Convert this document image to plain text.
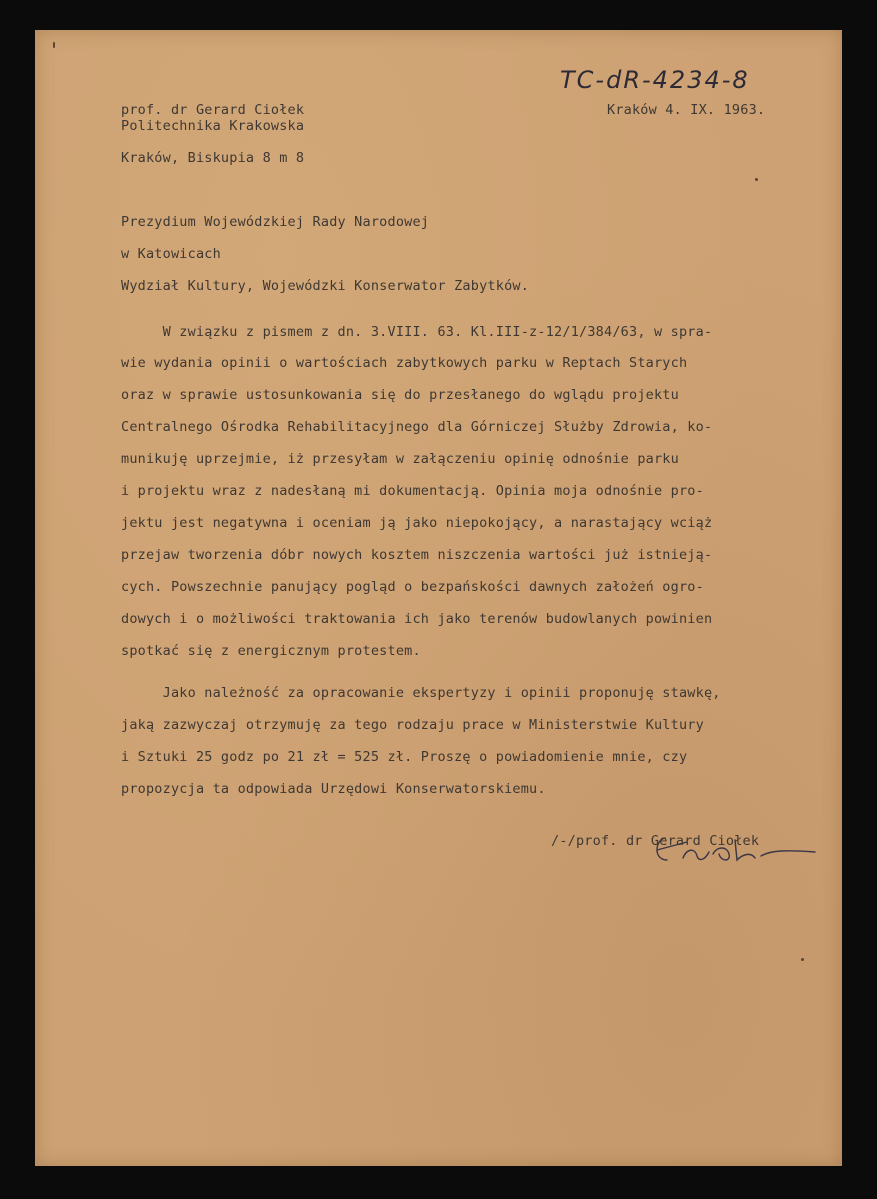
TC-dR-4234-8
prof. dr Gerard Ciołek
Politechnika Krakowska
Kraków, Biskupia 8 m 8
Kraków 4. IX. 1963.
Prezydium Wojewódzkiej Rady Narodowej
w Katowicach
Wydział Kultury, Wojewódzki Konserwator Zabytków.
W związku z pismem z dn. 3.VIII. 63. Kl.III-z-12/1/384/63, w spra-
wie wydania opinii o wartościach zabytkowych parku w Reptach Starych
oraz w sprawie ustosunkowania się do przesłanego do wglądu projektu
Centralnego Ośrodka Rehabilitacyjnego dla Górniczej Służby Zdrowia, ko-
munikuję uprzejmie, iż przesyłam w załączeniu opinię odnośnie parku
i projektu wraz z nadesłaną mi dokumentacją. Opinia moja odnośnie pro-
jektu jest negatywna i oceniam ją jako niepokojący, a narastający wciąż
przejaw tworzenia dóbr nowych kosztem niszczenia wartości już istnieją-
cych. Powszechnie panujący pogląd o bezpańskości dawnych założeń ogro-
dowych i o możliwości traktowania ich jako terenów budowlanych powinien
spotkać się z energicznym protestem.
Jako należność za opracowanie ekspertyzy i opinii proponuję stawkę,
jaką zazwyczaj otrzymuję za tego rodzaju prace w Ministerstwie Kultury
i Sztuki 25 godz po 21 zł = 525 zł. Proszę o powiadomienie mnie, czy
propozycja ta odpowiada Urzędowi Konserwatorskiemu.
/-/prof. dr Gerard Ciołek
